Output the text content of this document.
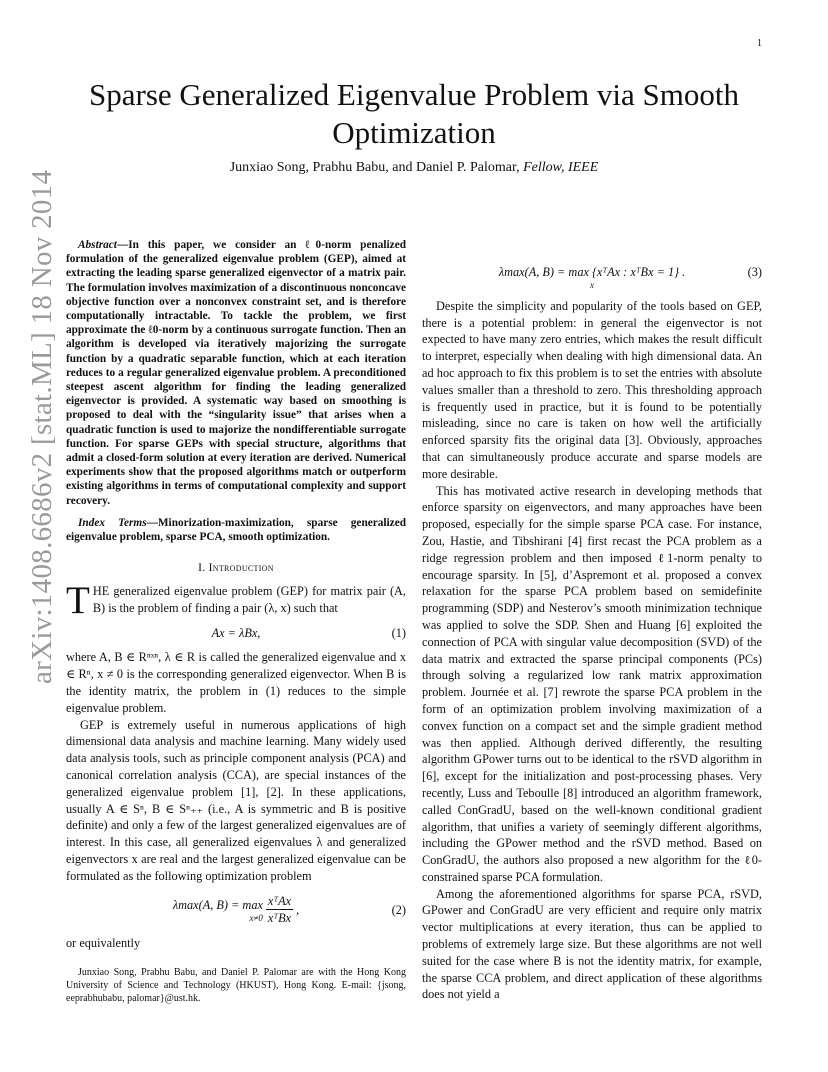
1
Sparse Generalized Eigenvalue Problem via Smooth Optimization
Junxiao Song, Prabhu Babu, and Daniel P. Palomar, Fellow, IEEE
arXiv:1408.6686v2 [stat.ML] 18 Nov 2014	Abstract—In this paper, we consider an ℓ0-norm penalized formulation of the generalized eigenvalue problem (GEP), aimed at extracting the leading sparse generalized eigenvector of a matrix pair. The formulation involves maximization of a discontinuous nonconcave objective function over a nonconvex constraint set, and is therefore computationally intractable. To tackle the problem, we first approximate the ℓ0-norm by a continuous surrogate function. Then an algorithm is developed via iteratively majorizing the surrogate function by a quadratic separable function, which at each iteration reduces to a regular generalized eigenvalue problem. A preconditioned steepest ascent algorithm for finding the leading generalized eigenvector is provided. A systematic way based on smoothing is proposed to deal with the “singularity issue” that arises when a quadratic function is used to majorize the nondifferentiable surrogate function. For sparse GEPs with special structure, algorithms that admit a closed-form solution at every iteration are derived. Numerical experiments show that the proposed algorithms match or outperform existing algorithms in terms of computational complexity and support recovery.

Index Terms—Minorization-maximization, sparse generalized eigenvalue problem, sparse PCA, smooth optimization.

I. Introduction

THE generalized eigenvalue problem (GEP) for matrix pair (A, B) is the problem of finding a pair (λ, x) such that

Ax = λBx,	(1)

where A, B ∈ Rⁿˣⁿ, λ ∈ R is called the generalized eigenvalue and x ∈ Rⁿ, x ≠ 0 is the corresponding generalized eigenvector. When B is the identity matrix, the problem in (1) reduces to the simple eigenvalue problem.

GEP is extremely useful in numerous applications of high dimensional data analysis and machine learning. Many widely used data analysis tools, such as principle component analysis (PCA) and canonical correlation analysis (CCA), are special instances of the generalized eigenvalue problem [1], [2]. In these applications, usually A ∈ Sⁿ, B ∈ Sⁿ₊₊ (i.e., A is symmetric and B is positive definite) and only a few of the largest generalized eigenvalues are of interest. In this case, all generalized eigenvalues λ and generalized eigenvectors x are real and the largest generalized eigenvalue can be formulated as the following optimization problem

λmax(A, B) = max
$x\ne 0 \frac{\text{xᵀAx}}{\text{xᵀBx}}$ ,	(2)

or equivalently

Junxiao Song, Prabhu Babu, and Daniel P. Palomar are with the Hong Kong University of Science and Technology (HKUST), Hong Kong. E-mail: {jsong, eeprabhubabu, palomar}@ust.hk.

λmax(A, B) = max {xᵀAx : xᵀBx = 1} .
x
(3)

Despite the simplicity and popularity of the tools based on GEP, there is a potential problem: in general the eigenvector is not expected to have many zero entries, which makes the result difficult to interpret, especially when dealing with high dimensional data. An ad hoc approach to fix this problem is to set the entries with absolute values smaller than a threshold to zero. This thresholding approach is frequently used in practice, but it is found to be potentially misleading, since no care is taken on how well the artificially enforced sparsity fits the original data [3]. Obviously, approaches that can simultaneously produce accurate and sparse models are more desirable.

This has motivated active research in developing methods that enforce sparsity on eigenvectors, and many approaches have been proposed, especially for the simple sparse PCA case. For instance, Zou, Hastie, and Tibshirani [4] first recast the PCA problem as a ridge regression problem and then imposed ℓ1-norm penalty to encourage sparsity. In [5], d’Aspremont et al. proposed a convex relaxation for the sparse PCA problem based on semidefinite programming (SDP) and Nesterov’s smooth minimization technique was applied to solve the SDP. Shen and Huang [6] exploited the connection of PCA with singular value decomposition (SVD) of the data matrix and extracted the sparse principal components (PCs) through solving a regularized low rank matrix approximation problem. Journée et al. [7] rewrote the sparse PCA problem in the form of an optimization problem involving maximization of a convex function on a compact set and the simple gradient method was then applied. Although derived differently, the resulting algorithm GPower turns out to be identical to the rSVD algorithm in [6], except for the initialization and post-processing phases. Very recently, Luss and Teboulle [8] introduced an algorithm framework, called ConGradU, based on the well-known conditional gradient algorithm, that unifies a variety of seemingly different algorithms, including the GPower method and the rSVD method. Based on ConGradU, the authors also proposed a new algorithm for the ℓ0-constrained sparse PCA formulation.

Among the aforementioned algorithms for sparse PCA, rSVD, GPower and ConGradU are very efficient and require only matrix vector multiplications at every iteration, thus can be applied to problems of extremely large size. But these algorithms are not well suited for the case where B is not the identity matrix, for example, the sparse CCA problem, and direct application of these algorithms does not yield a
